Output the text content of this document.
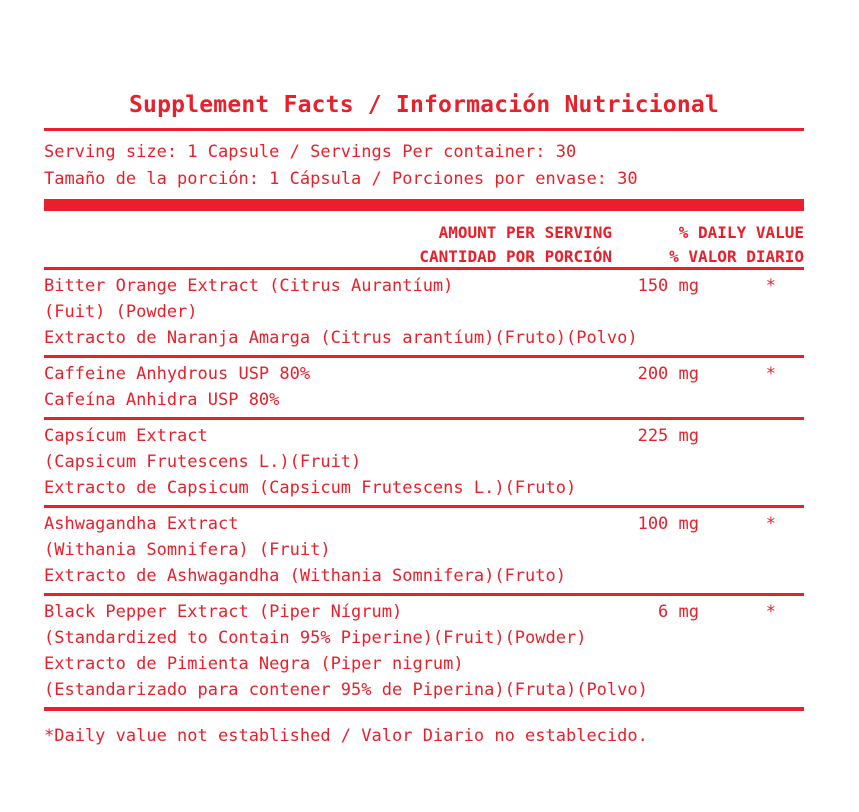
Supplement Facts / Información Nutricional
Serving size: 1 Capsule / Servings Per container: 30
Tamaño de la porción: 1 Cápsula / Porciones por envase: 30
AMOUNT PER SERVING
CANTIDAD POR PORCIÓN
% DAILY VALUE
% VALOR DIARIO
Bitter Orange Extract (Citrus Aurantíum)
(Fuit) (Powder)
Extracto de Naranja Amarga (Citrus arantíum)(Fruto)(Polvo)
150 mg	*
Caffeine Anhydrous USP 80%
Cafeína Anhidra USP 80%
200 mg	*
Capsícum Extract
(Capsicum Frutescens L.)(Fruit)
Extracto de Capsicum (Capsicum Frutescens L.)(Fruto)
225 mg
Ashwagandha Extract
(Withania Somnifera) (Fruit)
Extracto de Ashwagandha (Withania Somnifera)(Fruto)
100 mg	*
Black Pepper Extract (Piper Nígrum)
(Standardized to Contain 95% Piperine)(Fruit)(Powder)
Extracto de Pimienta Negra (Piper nigrum)
(Estandarizado para contener 95% de Piperina)(Fruta)(Polvo)
6 mg	*
*Daily value not established / Valor Diario no establecido.
